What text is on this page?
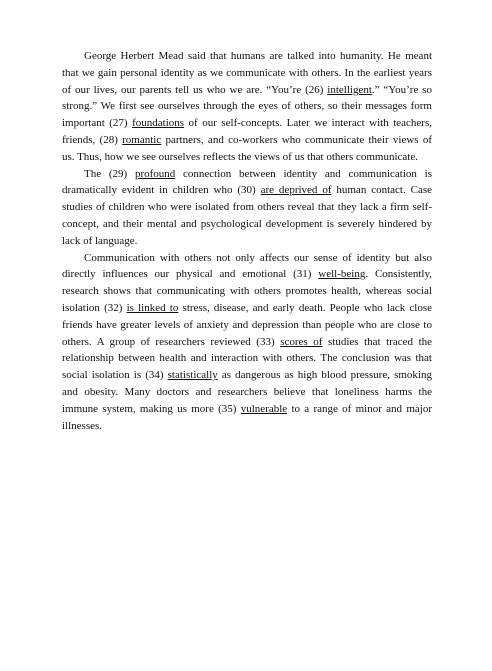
George Herbert Mead said that humans are talked into humanity. He meant that we gain personal identity as we communicate with others. In the earliest years of our lives, our parents tell us who we are. “You’re (26) intelligent.” “You’re so strong.” We first see ourselves through the eyes of others, so their messages form important (27) foundations of our self-concepts. Later we interact with teachers, friends, (28) romantic partners, and co-workers who communicate their views of us. Thus, how we see ourselves reflects the views of us that others communicate.

The (29) profound connection between identity and communication is dramatically evident in children who (30) are deprived of human contact. Case studies of children who were isolated from others reveal that they lack a firm self-concept, and their mental and psychological development is severely hindered by lack of language.

Communication with others not only affects our sense of identity but also directly influences our physical and emotional (31) well-being. Consistently, research shows that communicating with others promotes health, whereas social isolation (32) is linked to stress, disease, and early death. People who lack close friends have greater levels of anxiety and depression than people who are close to others. A group of researchers reviewed (33) scores of studies that traced the relationship between health and interaction with others. The conclusion was that social isolation is (34) statistically as dangerous as high blood pressure, smoking and obesity. Many doctors and researchers believe that loneliness harms the immune system, making us more (35) vulnerable to a range of minor and major illnesses.
